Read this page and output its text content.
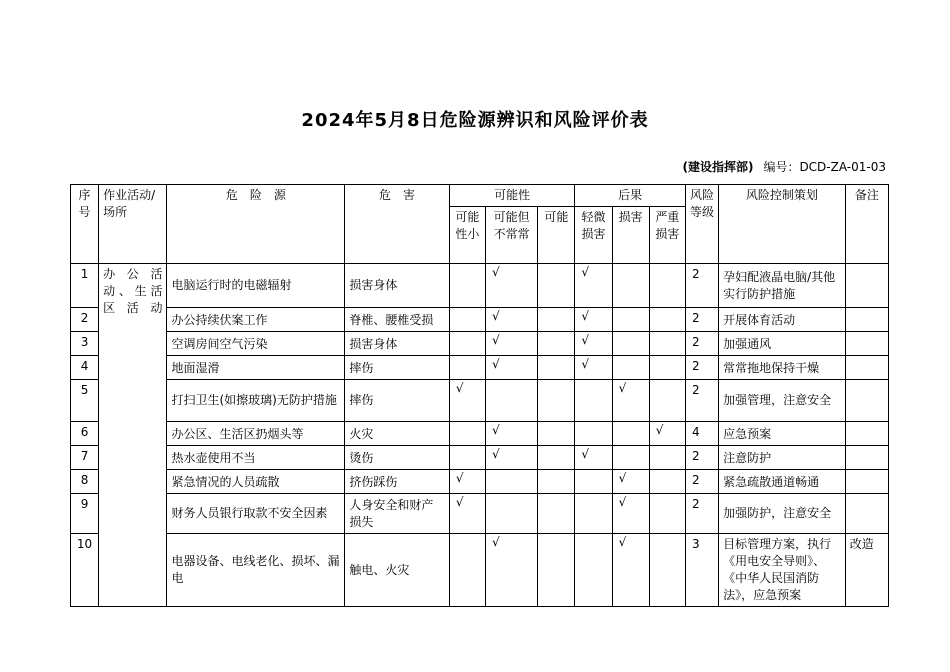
2024年5月8日危险源辨识和风险评价表
(建设指挥部) 编号：DCD-ZA-01-03
序号	作业活动/场所	危　险　源	危　害	可能性			后果			风险等级	风险控制策划	备注
				可能性小	可能但不常常	可能	轻微损害	损害	严重损害			
1	办公活动、生活区活动	电脑运行时的电磁辐射	损害身体		√		√			2	孕妇配液晶电脑/其他实行防护措施	
2		办公持续伏案工作	脊椎、腰椎受损		√		√			2	开展体育活动	
3		空调房间空气污染	损害身体		√		√			2	加强通风	
4		地面湿滑	摔伤		√		√			2	常常拖地保持干燥	
5		打扫卫生(如擦玻璃)无防护措施	摔伤	√				√		2	加强管理，注意安全	
6		办公区、生活区扔烟头等	火灾		√				√	4	应急预案	
7		热水壶使用不当	烫伤		√		√			2	注意防护	
8		紧急情况的人员疏散	挤伤踩伤	√				√		2	紧急疏散通道畅通	
9		财务人员银行取款不安全因素	人身安全和财产损失	√				√		2	加强防护，注意安全	
10		电器设备、电线老化、损坏、漏电	触电、火灾		√			√		3	目标管理方案，执行《用电安全导则》、《中华人民国消防法》，应急预案	改造
